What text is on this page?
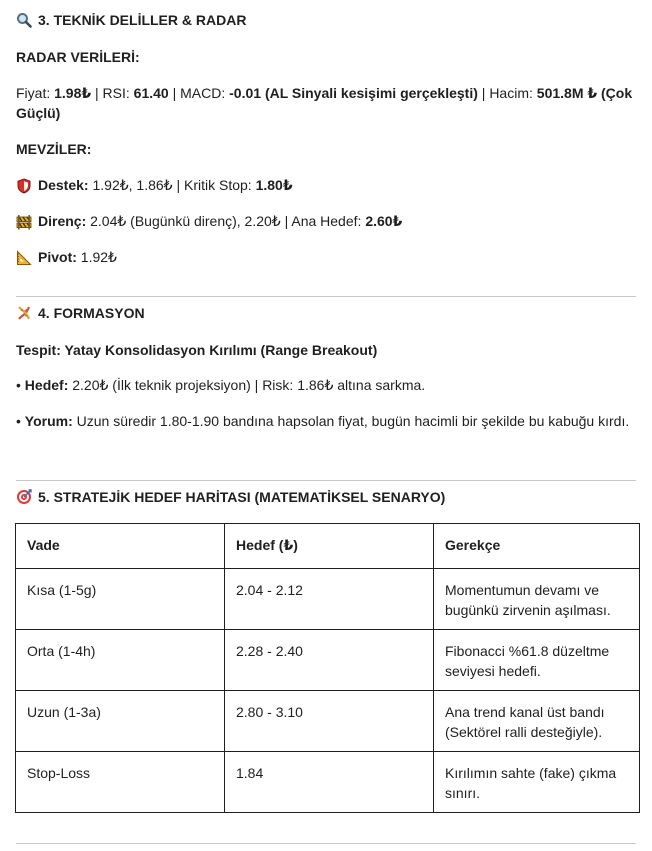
3. TEKNİK DELİLLER & RADAR
RADAR VERİLERİ:
Fiyat: 1.98₺ | RSI: 61.40 | MACD: -0.01 (AL Sinyali kesişimi gerçekleşti) | Hacim: 501.8M ₺ (Çok Güçlü)
MEVZİLER:
Destek: 1.92₺, 1.86₺ | Kritik Stop: 1.80₺
Direnç: 2.04₺ (Bugünkü direnç), 2.20₺ | Ana Hedef: 2.60₺
Pivot: 1.92₺
4. FORMASYON
Tespit: Yatay Konsolidasyon Kırılımı (Range Breakout)
• Hedef: 2.20₺ (İlk teknik projeksiyon) | Risk: 1.86₺ altına sarkma.
• Yorum: Uzun süredir 1.80-1.90 bandına hapsolan fiyat, bugün hacimli bir şekilde bu kabuğu kırdı.
5. STRATEJİK HEDEF HARİTASI (MATEMATİKSEL SENARYO)
Vade	Hedef (₺)	Gerekçe
Kısa (1-5g)	2.04 - 2.12	Momentumun devamı ve bugünkü zirvenin aşılması.
Orta (1-4h)	2.28 - 2.40	Fibonacci %61.8 düzeltme seviyesi hedefi.
Uzun (1-3a)	2.80 - 3.10	Ana trend kanal üst bandı (Sektörel ralli desteğiyle).
Stop-Loss	1.84	Kırılımın sahte (fake) çıkma sınırı.
